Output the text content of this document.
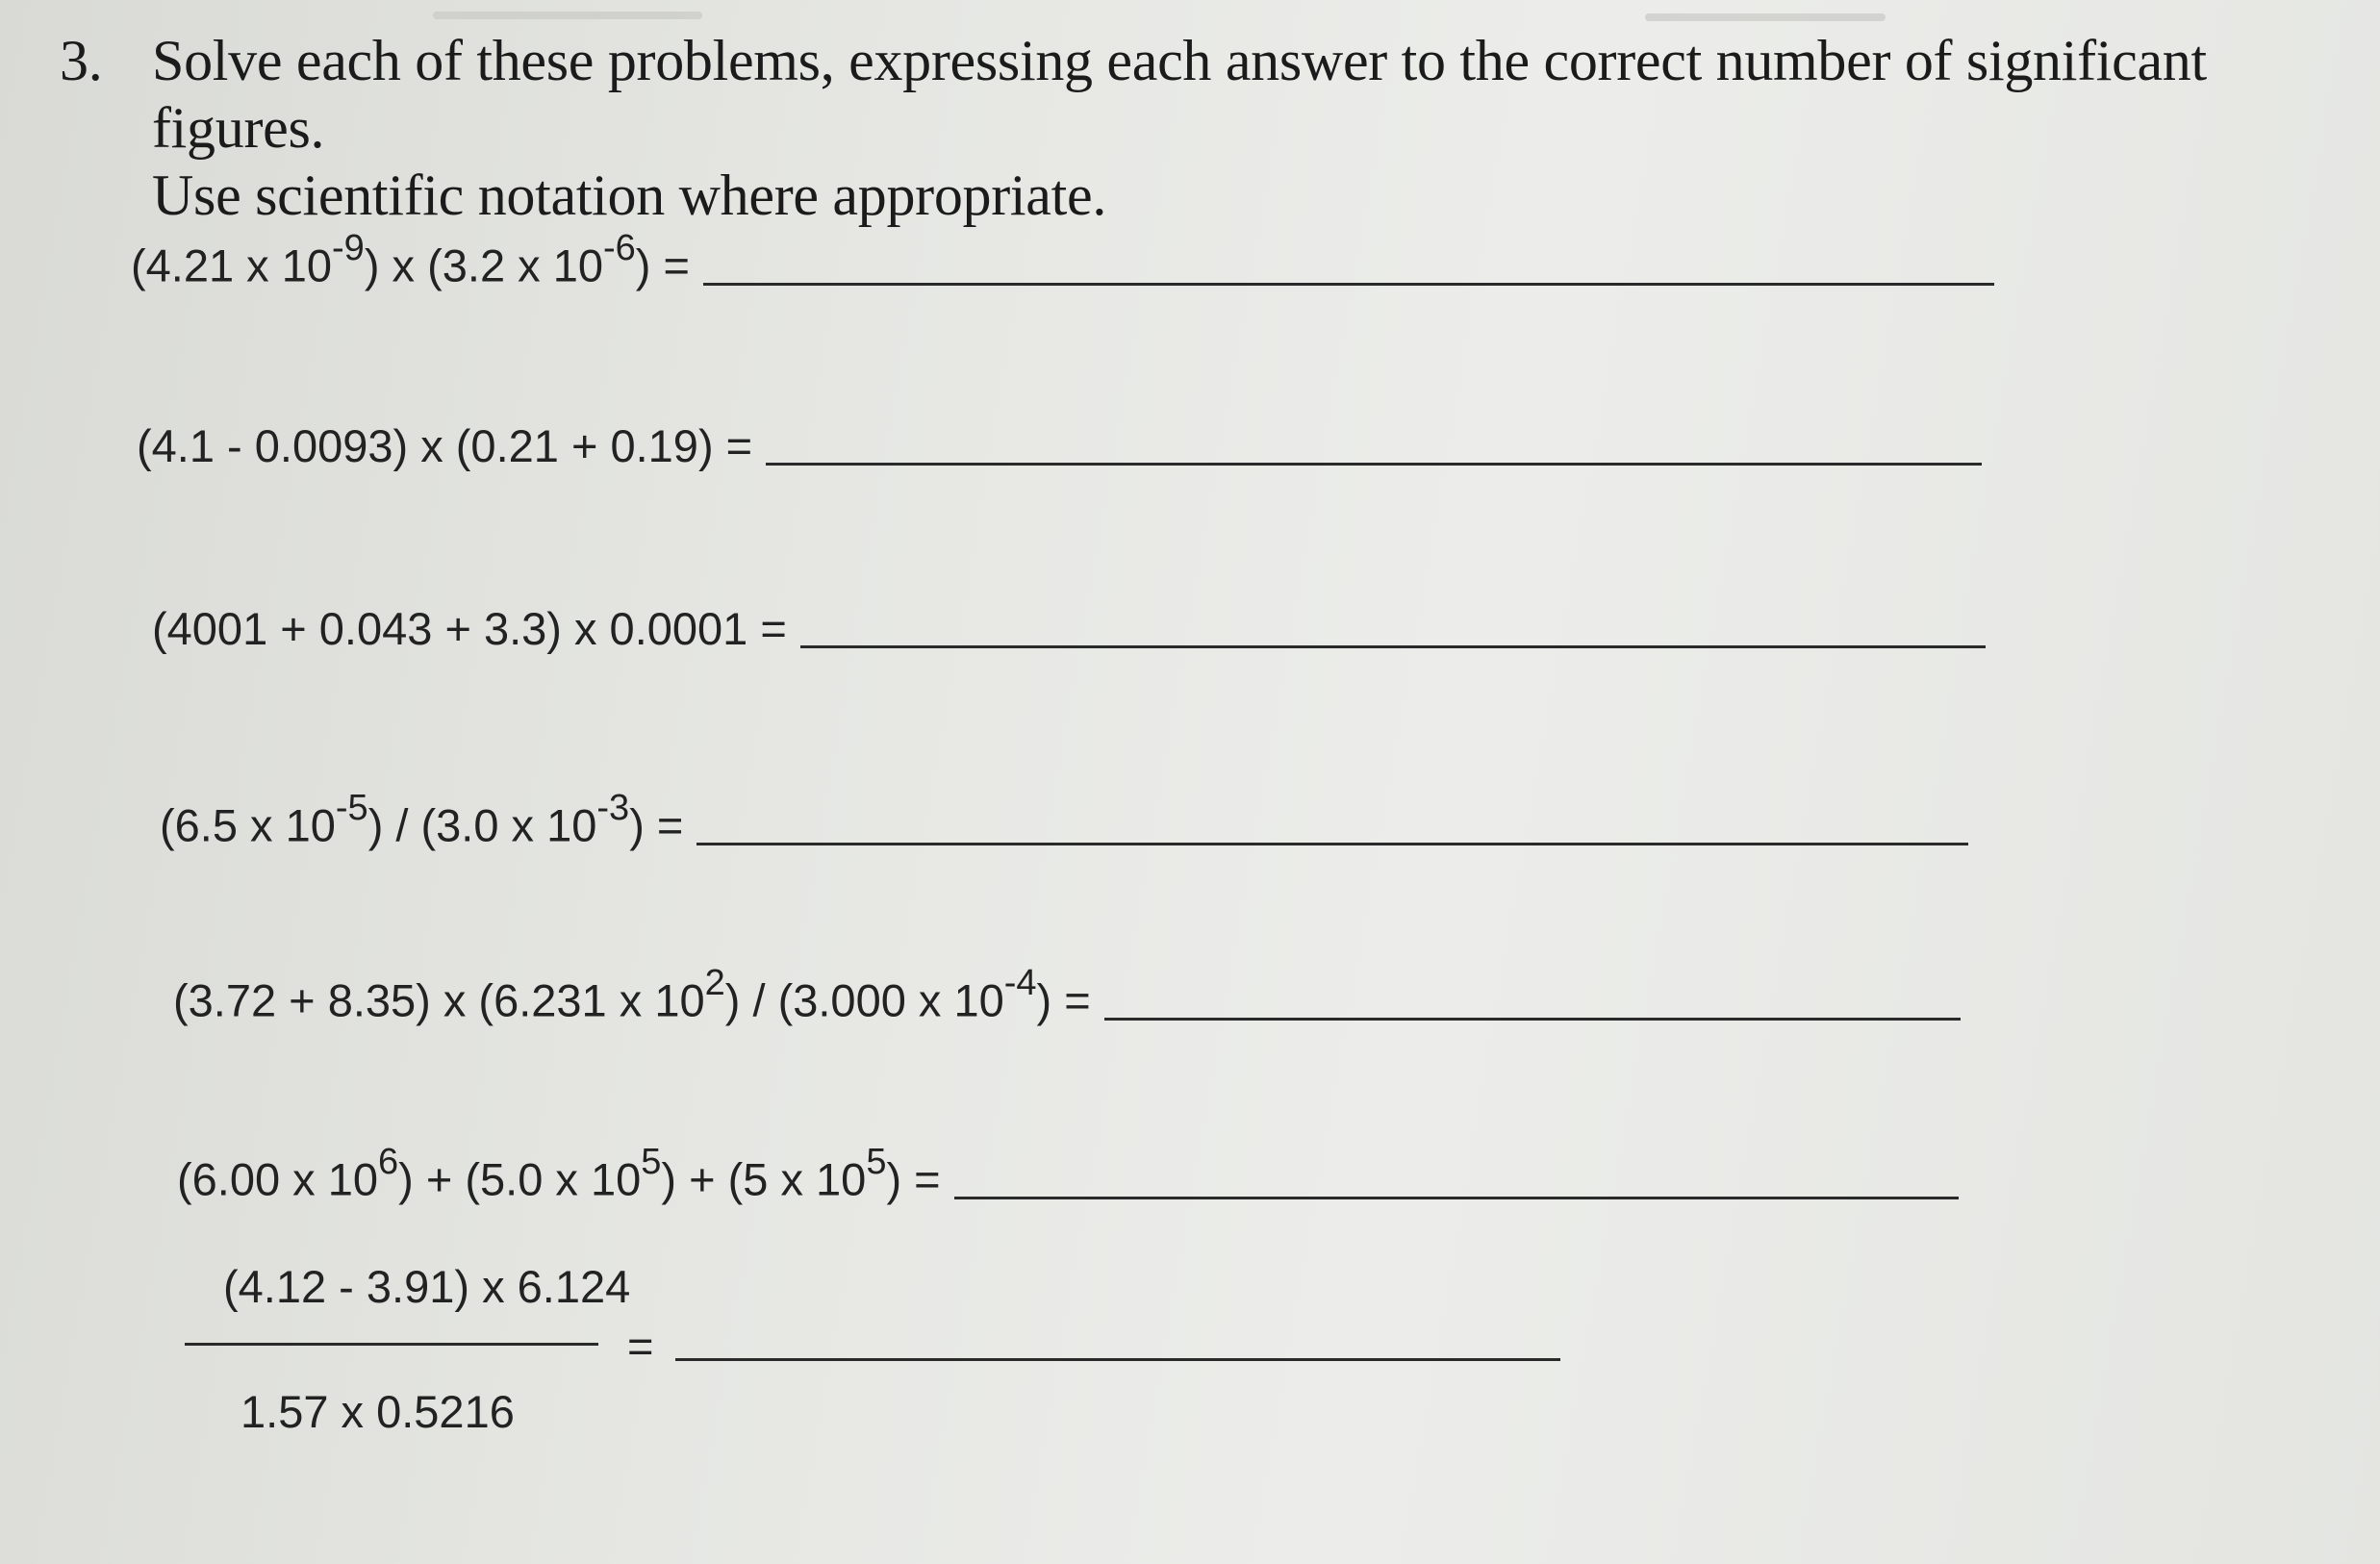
3. Solve each of these problems, expressing each answer to the correct number of significant figures.
Use scientific notation where appropriate.
(4.21 x $10^{-9}$) x (3.2 x $10^{-6}$) =
(4.1 - 0.0093) x (0.21 + 0.19) =
(4001 + 0.043 + 3.3) x 0.0001 =
(6.5 x $10^{-5}) / (3.0$ x $10^{-3}$) =
(3.72 + 8.35) x (6.231 x $10^2) / (3.000$ x $10^{-4}$) =
(6.00 x $10^6) + (5.0$ x $10^5) + (5$ x $10^5$) =
(4.12 - 3.91) x 6.124
=
1.57 x 0.5216
